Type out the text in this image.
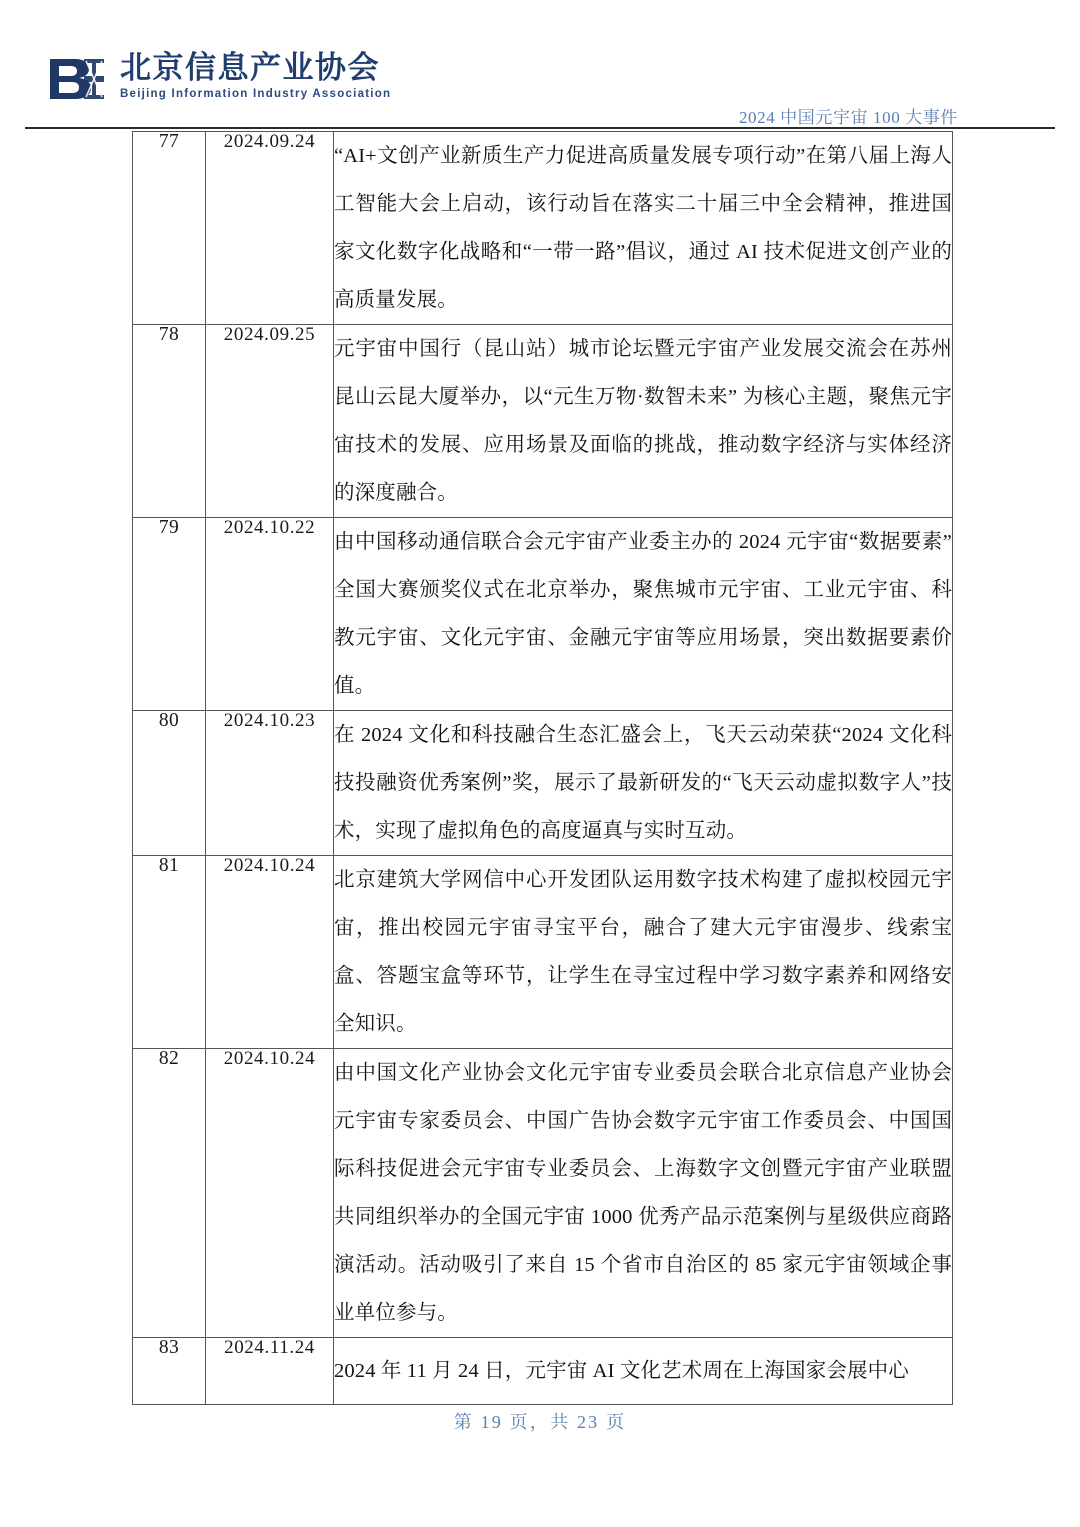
北京信息产业协会
Beijing Information Industry Association
2024 中国元宇宙 100 大事件
77	2024.09.24	“AI+文创产业新质生产力促进高质量发展专项行动”在第八届上海人工智能大会上启动，该行动旨在落实二十届三中全会精神，推进国家文化数字化战略和“一带一路”倡议，通过 AI 技术促进文创产业的高质量发展。
78	2024.09.25	元宇宙中国行（昆山站）城市论坛暨元宇宙产业发展交流会在苏州昆山云昆大厦举办，以“元生万物·数智未来” 为核心主题，聚焦元宇宙技术的发展、应用场景及面临的挑战，推动数字经济与实体经济的深度融合。
79	2024.10.22	由中国移动通信联合会元宇宙产业委主办的 2024 元宇宙“数据要素”全国大赛颁奖仪式在北京举办，聚焦城市元宇宙、工业元宇宙、科教元宇宙、文化元宇宙、金融元宇宙等应用场景，突出数据要素价值。
80	2024.10.23	在 2024 文化和科技融合生态汇盛会上，飞天云动荣获“2024 文化科技投融资优秀案例”奖，展示了最新研发的“飞天云动虚拟数字人”技术，实现了虚拟角色的高度逼真与实时互动。
81	2024.10.24	北京建筑大学网信中心开发团队运用数字技术构建了虚拟校园元宇宙，推出校园元宇宙寻宝平台，融合了建大元宇宙漫步、线索宝盒、答题宝盒等环节，让学生在寻宝过程中学习数字素养和网络安全知识。
82	2024.10.24	由中国文化产业协会文化元宇宙专业委员会联合北京信息产业协会元宇宙专家委员会、中国广告协会数字元宇宙工作委员会、中国国际科技促进会元宇宙专业委员会、上海数字文创暨元宇宙产业联盟共同组织举办的全国元宇宙 1000 优秀产品示范案例与星级供应商路演活动。活动吸引了来自 15 个省市自治区的 85 家元宇宙领域企事业单位参与。
83	2024.11.24	2024 年 11 月 24 日，元宇宙 AI 文化艺术周在上海国家会展中心
第 19 页，共 23 页
